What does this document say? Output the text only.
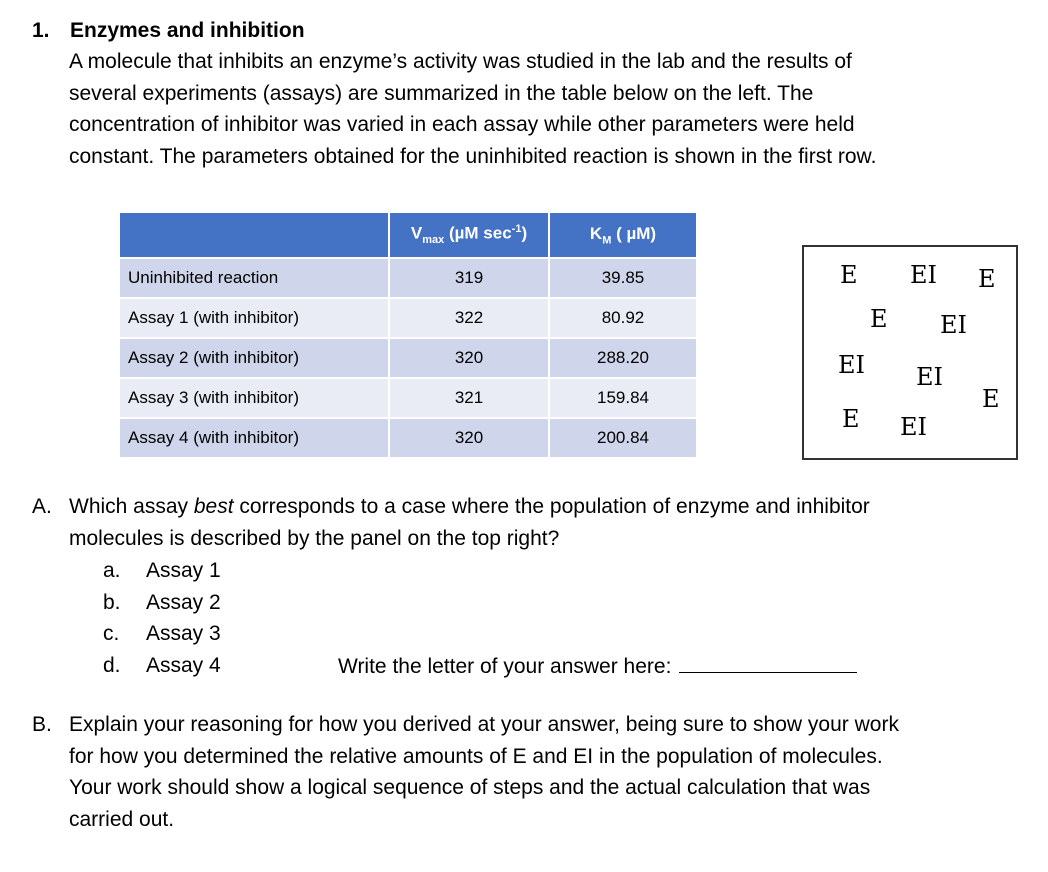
1. Enzymes and inhibition
A molecule that inhibits an enzyme’s activity was studied in the lab and the results of
several experiments (assays) are summarized in the table below on the left. The
concentration of inhibitor was varied in each assay while other parameters were held
constant. The parameters obtained for the uninhibited reaction is shown in the first row.
	$V_{max}$ (µM $\sec^{-1}$)	$K_M$ ( µM)
Uninhibited reaction	319	39.85
Assay 1 (with inhibitor)	322	80.92
Assay 2 (with inhibitor)	320	288.20
Assay 3 (with inhibitor)	321	159.84
Assay 4 (with inhibitor)	320	200.84
E EI E
E EI
EI EI
E
E EI
A. Which assay best corresponds to a case where the population of enzyme and inhibitor
molecules is described by the panel on the top right?
a. Assay 1
b. Assay 2
c. Assay 3
d. Assay 4	Write the letter of your answer here:
B. Explain your reasoning for how you derived at your answer, being sure to show your work
for how you determined the relative amounts of E and EI in the population of molecules.
Your work should show a logical sequence of steps and the actual calculation that was
carried out.
